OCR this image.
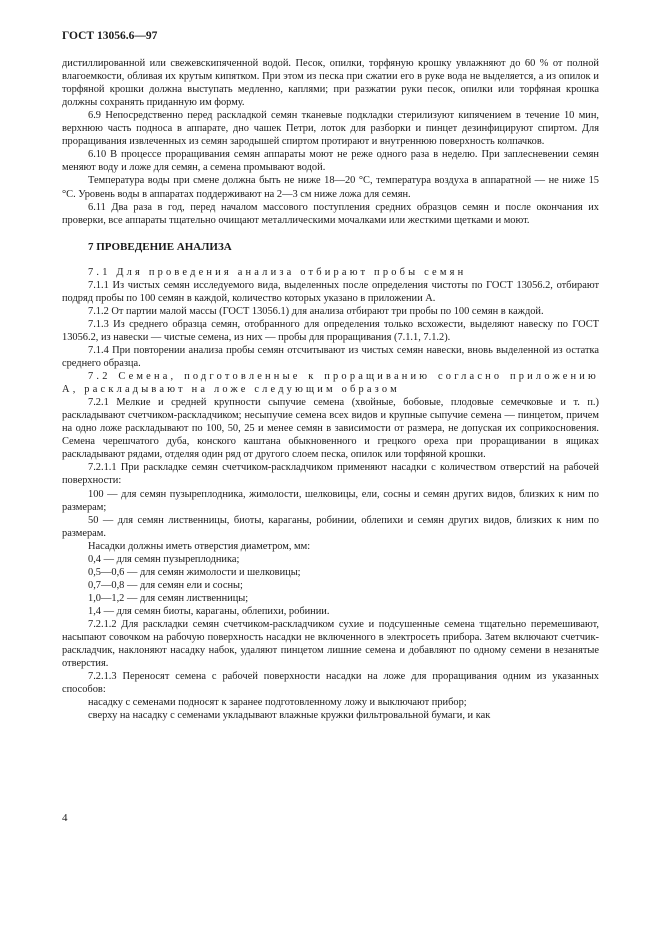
ГОСТ 13056.6—97

дистиллированной или свежевскипяченной водой. Песок, опилки, торфяную крошку увлажняют до 60 % от полной влагоемкости, обливая их крутым кипятком. При этом из песка при сжатии его в руке вода не выделяется, а из опилок и торфяной крошки должна выступать медленно, каплями; при разжатии руки песок, опилки или торфяная крошка должны сохранять приданную им форму.

6.9 Непосредственно перед раскладкой семян тканевые подкладки стерилизуют кипячением в течение 10 мин, верхнюю часть подноса в аппарате, дно чашек Петри, лоток для разборки и пинцет дезинфицируют спиртом. Для проращивания извлеченных из семян зародышей спиртом протирают и внутреннюю поверхность колпачков.

6.10 В процессе проращивания семян аппараты моют не реже одного раза в неделю. При заплесневении семян меняют воду и ложе для семян, а семена промывают водой.

Температура воды при смене должна быть не ниже 18—20 °С, температура воздуха в аппаратной — не ниже 15 °С. Уровень воды в аппаратах поддерживают на 2—3 см ниже ложа для семян.

6.11 Два раза в год, перед началом массового поступления средних образцов семян и после окончания их проверки, все аппараты тщательно очищают металлическими мочалками или жесткими щетками и моют.

7 ПРОВЕДЕНИЕ АНАЛИЗА

7.1 Для проведения анализа отбирают пробы семян

7.1.1 Из чистых семян исследуемого вида, выделенных после определения чистоты по ГОСТ 13056.2, отбирают подряд пробы по 100 семян в каждой, количество которых указано в приложении А.

7.1.2 От партии малой массы (ГОСТ 13056.1) для анализа отбирают три пробы по 100 семян в каждой.

7.1.3 Из среднего образца семян, отобранного для определения только всхожести, выделяют навеску по ГОСТ 13056.2, из навески — чистые семена, из них — пробы для проращивания (7.1.1, 7.1.2).

7.1.4 При повторении анализа пробы семян отсчитывают из чистых семян навески, вновь выделенной из остатка среднего образца.

7.2 Семена, подготовленные к проращиванию согласно приложению А, раскладывают на ложе следующим образом

7.2.1 Мелкие и средней крупности сыпучие семена (хвойные, бобовые, плодовые семечковые и т. п.) раскладывают счетчиком-раскладчиком; несыпучие семена всех видов и крупные сыпучие семена — пинцетом, причем на одно ложе раскладывают по 100, 50, 25 и менее семян в зависимости от размера, не допуская их соприкосновения. Семена черешчатого дуба, конского каштана обыкновенного и грецкого ореха при проращивании в ящиках раскладывают рядами, отделяя один ряд от другого слоем песка, опилок или торфяной крошки.

7.2.1.1 При раскладке семян счетчиком-раскладчиком применяют насадки с количеством отверстий на рабочей поверхности:

100 — для семян пузыреплодника, жимолости, шелковицы, ели, сосны и семян других видов, близких к ним по размерам;

50 — для семян лиственницы, биоты, караганы, робинии, облепихи и семян других видов, близких к ним по размерам.

Насадки должны иметь отверстия диаметром, мм:

0,4 — для семян пузыреплодника;

0,5—0,6 — для семян жимолости и шелковицы;

0,7—0,8 — для семян ели и сосны;

1,0—1,2 — для семян лиственницы;

1,4 — для семян биоты, караганы, облепихи, робинии.

7.2.1.2 Для раскладки семян счетчиком-раскладчиком сухие и подсушенные семена тщательно перемешивают, насыпают совочком на рабочую поверхность насадки не включенного в электросеть прибора. Затем включают счетчик-раскладчик, наклоняют насадку набок, удаляют пинцетом лишние семена и добавляют по одному семени в незанятые отверстия.

7.2.1.3 Переносят семена с рабочей поверхности насадки на ложе для проращивания одним из указанных способов:

насадку с семенами подносят к заранее подготовленному ложу и выключают прибор;

сверху на насадку с семенами укладывают влажные кружки фильтровальной бумаги, и как

4
